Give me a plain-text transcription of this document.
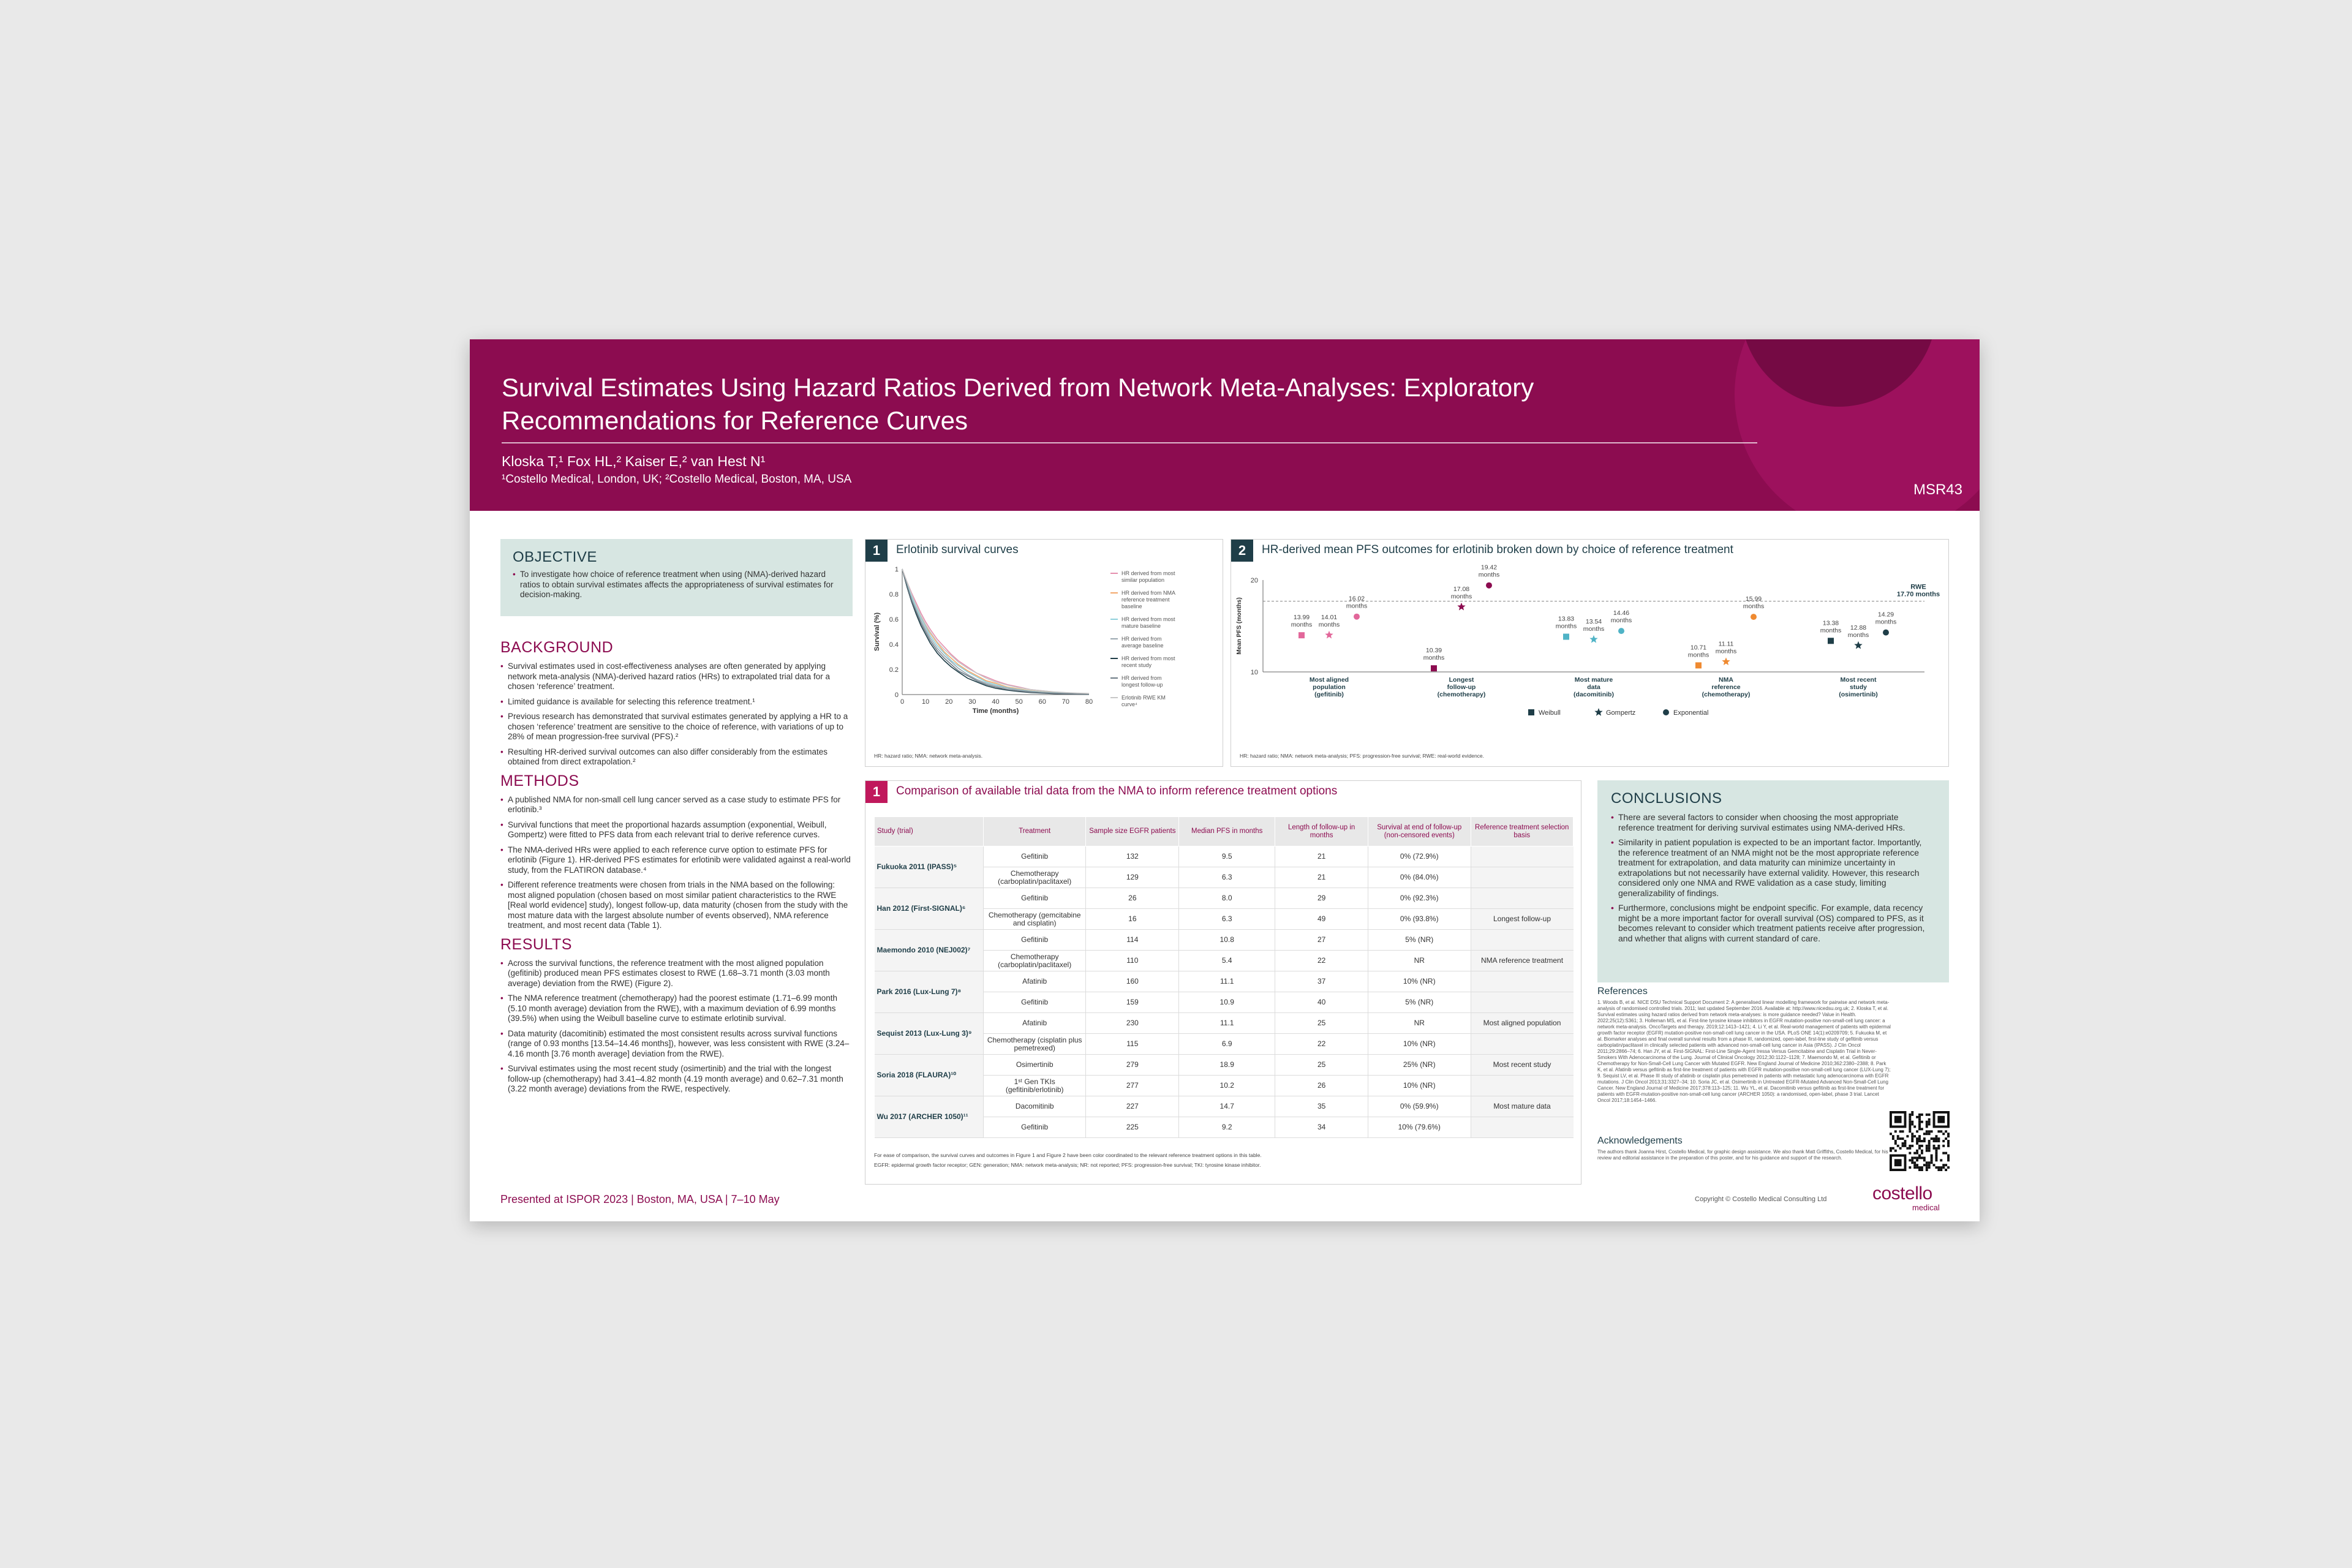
Survival Estimates Using Hazard Ratios Derived from Network Meta-Analyses: Exploratory Recommendations for Reference Curves
Kloska T,¹ Fox HL,² Kaiser E,² van Hest N¹
¹Costello Medical, London, UK; ²Costello Medical, Boston, MA, USA
MSR43
OBJECTIVE
• To investigate how choice of reference treatment when using (NMA)-derived hazard ratios to obtain survival estimates affects the appropriateness of survival estimates for decision-making.
BACKGROUND
• Survival estimates used in cost-effectiveness analyses are often generated by applying network meta-analysis (NMA)-derived hazard ratios (HRs) to extrapolated trial data for a chosen ‘reference’ treatment.
• Limited guidance is available for selecting this reference treatment.¹
• Previous research has demonstrated that survival estimates generated by applying a HR to a chosen ‘reference’ treatment are sensitive to the choice of reference, with variations of up to 28% of mean progression-free survival (PFS).²
• Resulting HR-derived survival outcomes can also differ considerably from the estimates obtained from direct extrapolation.²
METHODS
• A published NMA for non-small cell lung cancer served as a case study to estimate PFS for erlotinib.³
• Survival functions that meet the proportional hazards assumption (exponential, Weibull, Gompertz) were fitted to PFS data from each relevant trial to derive reference curves.
• The NMA-derived HRs were applied to each reference curve option to estimate PFS for erlotinib (Figure 1). HR-derived PFS estimates for erlotinib were validated against a real-world study, from the FLATIRON database.⁴
• Different reference treatments were chosen from trials in the NMA based on the following: most aligned population (chosen based on most similar patient characteristics to the RWE [Real world evidence] study), longest follow-up, data maturity (chosen from the study with the most mature data with the largest absolute number of events observed), NMA reference treatment, and most recent data (Table 1).
RESULTS
• Across the survival functions, the reference treatment with the most aligned population (gefitinib) produced mean PFS estimates closest to RWE (1.68–3.71 month (3.03 month average) deviation from the RWE) (Figure 2).
• The NMA reference treatment (chemotherapy) had the poorest estimate (1.71–6.99 month (5.10 month average) deviation from the RWE), with a maximum deviation of 6.99 months (39.5%) when using the Weibull baseline curve to estimate erlotinib survival.
• Data maturity (dacomitinib) estimated the most consistent results across survival functions (range of 0.93 months [13.54–14.46 months]), however, was less consistent with RWE (3.24–4.16 month [3.76 month average] deviation from the RWE).
• Survival estimates using the most recent study (osimertinib) and the trial with the longest follow-up (chemotherapy) had 3.41–4.82 month (4.19 month average) and 0.62–7.31 month (3.22 month average) deviations from the RWE, respectively.
Presented at ISPOR 2023 | Boston, MA, USA | 7–10 May
1	Erlotinib survival curves
0
0.2
0.4
0.6
0.8
1
0	10 20 30 40 50 60 70 80
Time (months)
Survival (%)
HR derived from most similar population
HR derived from NMA reference treatment baseline
HR derived from most mature baseline
HR derived from average baseline
HR derived from most recent study
HR derived from longest follow-up
Erlotinib RWE KM curve⁴
HR: hazard ratio; NMA: network meta-analysis.
2	HR-derived mean PFS outcomes for erlotinib broken down by choice of reference treatment
10
20
Mean PFS (months)
RWE
17.70 months
13.99
months
14.01
months
16.02
months
Most aligned
population
(gefitinib)
10.39
months
17.08
months
19.42
months
Longest
follow-up
(chemotherapy)
13.83
months
13.54
months
14.46
months
Most mature
data
(dacomitinib)
10.71
months
11.11
months
15.99
months
NMA
reference
(chemotherapy)
13.38
months 12.88
months
14.29
months
Most recent
study
(osimertinib)
Weibull	Gompertz	Exponential
HR: hazard ratio; NMA: network meta-analysis; PFS: progression-free survival; RWE: real-world evidence.
1	Comparison of available trial data from the NMA to inform reference treatment options
Study (trial)	Treatment	Sample size EGFR patients	Median PFS in months	Length of follow-up in months	Survival at end of follow-up (non-censored events)	Reference treatment selection basis
Fukuoka 2011 (IPASS)⁵	Gefitinib	132	9.5	21	0% (72.9%)	
	Chemotherapy (carboplatin/paclitaxel)	129	6.3	21	0% (84.0%)	
Han 2012 (First-SIGNAL)⁶	Gefitinib	26	8.0	29	0% (92.3%)	
	Chemotherapy (gemcitabine and cisplatin)	16	6.3	49	0% (93.8%)	Longest follow-up
Maemondo 2010 (NEJ002)⁷	Gefitinib	114	10.8	27	5% (NR)	
	Chemotherapy (carboplatin/paclitaxel)	110	5.4	22	NR	NMA reference treatment
Park 2016 (Lux-Lung 7)⁸	Afatinib	160	11.1	37	10% (NR)	
	Gefitinib	159	10.9	40	5% (NR)	
Sequist 2013 (Lux-Lung 3)⁹	Afatinib	230	11.1	25	NR	Most aligned population
	Chemotherapy (cisplatin plus pemetrexed)	115	6.9	22	10% (NR)	
Soria 2018 (FLAURA)¹⁰	Osimertinib	279	18.9	25	25% (NR)	Most recent study
	1ˢᵗ Gen TKIs (gefitinib/erlotinib)	277	10.2	26	10% (NR)	
Wu 2017 (ARCHER 1050)¹¹	Dacomitinib	227	14.7	35	0% (59.9%)	Most mature data
	Gefitinib	225	9.2	34	10% (79.6%)	
For ease of comparison, the survival curves and outcomes in Figure 1 and Figure 2 have been color coordinated to the relevant reference treatment options in this table.
EGFR: epidermal growth factor receptor; GEN: generation; NMA: network meta-analysis; NR: not reported; PFS: progression-free survival; TKI: tyrosine kinase inhibitor.
CONCLUSIONS
• There are several factors to consider when choosing the most appropriate reference treatment for deriving survival estimates using NMA-derived HRs.
• Similarity in patient population is expected to be an important factor. Importantly, the reference treatment of an NMA might not be the most appropriate reference treatment for extrapolation, and data maturity can minimize uncertainty in extrapolations but not necessarily have external validity. However, this research considered only one NMA and RWE validation as a case study, limiting generalizability of findings.
• Furthermore, conclusions might be endpoint specific. For example, data recency might be a more important factor for overall survival (OS) compared to PFS, as it becomes relevant to consider which treatment patients receive after progression, and whether that aligns with current standard of care.
References
1. Woods B, et al. NICE DSU Technical Support Document 2: A generalised linear modelling framework for pairwise and network meta-analysis of randomised controlled trials. 2011; last updated September 2016. Available at: http://www.nicedsu.org.uk; 2. Kloska T, et al. Survival estimates using hazard ratios derived from network meta-analyses: is more guidance needed? Value in Health. 2022;25(12):S361; 3. Holleman MS, et al. First-line tyrosine kinase inhibitors in EGFR mutation-positive non-small-cell lung cancer: a network meta-analysis. OncoTargets and therapy. 2019;12:1413–1421; 4. Li Y, et al. Real-world management of patients with epidermal growth factor receptor (EGFR) mutation-positive non-small-cell lung cancer in the USA. PLoS ONE 14(1):e0209709; 5. Fukuoka M, et al. Biomarker analyses and final overall survival results from a phase III, randomized, open-label, first-line study of gefitinib versus carboplatin/paclitaxel in clinically selected patients with advanced non-small-cell lung cancer in Asia (IPASS). J Clin Oncol 2011;29:2866–74; 6. Han JY, et al. First-SIGNAL: First-Line Single-Agent Iressa Versus Gemcitabine and Cisplatin Trial in Never-Smokers With Adenocarcinoma of the Lung. Journal of Clinical Oncology 2012;30:1122–1128; 7. Maemondo M, et al. Gefitinib or Chemotherapy for Non-Small-Cell Lung Cancer with Mutated EGFR. New England Journal of Medicine 2010;362:2380–2388; 8. Park K, et al. Afatinib versus gefitinib as first-line treatment of patients with EGFR mutation-positive non-small-cell lung cancer (LUX-Lung 7); 9. Sequist LV, et al. Phase III study of afatinib or cisplatin plus pemetrexed in patients with metastatic lung adenocarcinoma with EGFR mutations. J Clin Oncol 2013;31:3327–34; 10. Soria JC, et al. Osimertinib in Untreated EGFR-Mutated Advanced Non-Small-Cell Lung Cancer. New England Journal of Medicine 2017;378:113–125; 11. Wu YL, et al. Dacomitinib versus gefitinib as first-line treatment for patients with EGFR-mutation-positive non-small-cell lung cancer (ARCHER 1050): a randomised, open-label, phase 3 trial. Lancet Oncol 2017;18:1454–1466.
Acknowledgements
The authors thank Joanna Hirst, Costello Medical, for graphic design assistance. We also thank Matt Griffiths, Costello Medical, for his review and editorial assistance in the preparation of this poster, and for his guidance and support of the research.
Copyright © Costello Medical Consulting Ltd costello
medical
